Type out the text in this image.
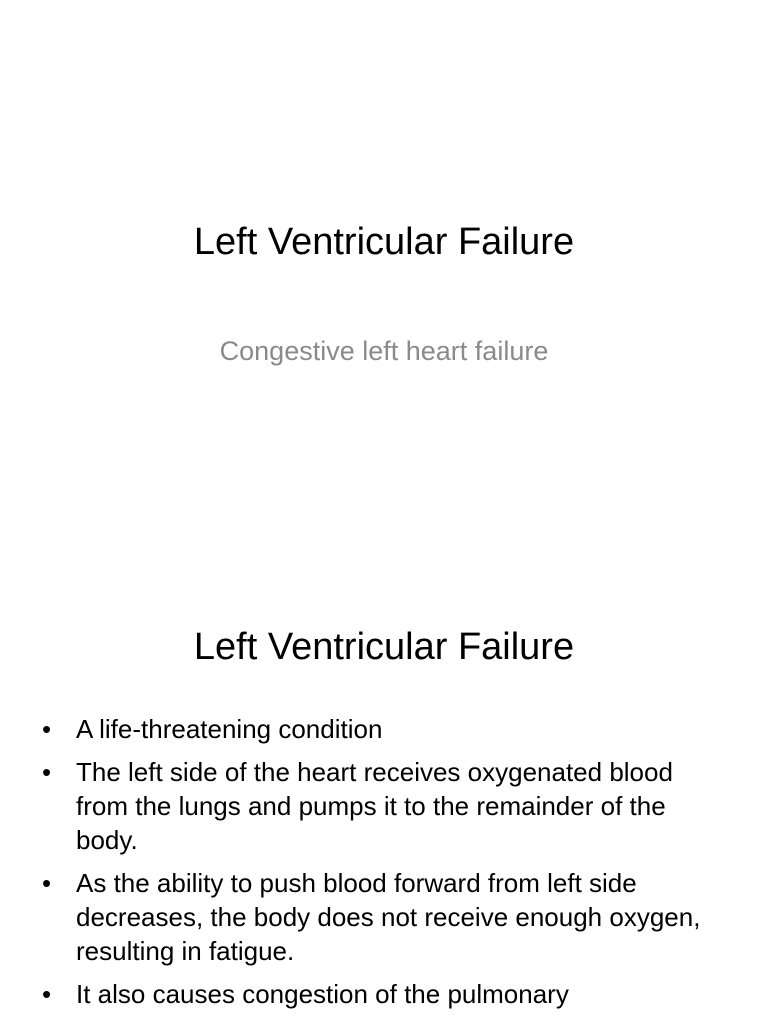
Left Ventricular Failure
Congestive left heart failure
Left Ventricular Failure
• A life-threatening condition
• The left side of the heart receives oxygenated blood from the lungs and pumps it to the remainder of the body.
• As the ability to push blood forward from left side decreases, the body does not receive enough oxygen, resulting in fatigue.
• It also causes congestion of the pulmonary
